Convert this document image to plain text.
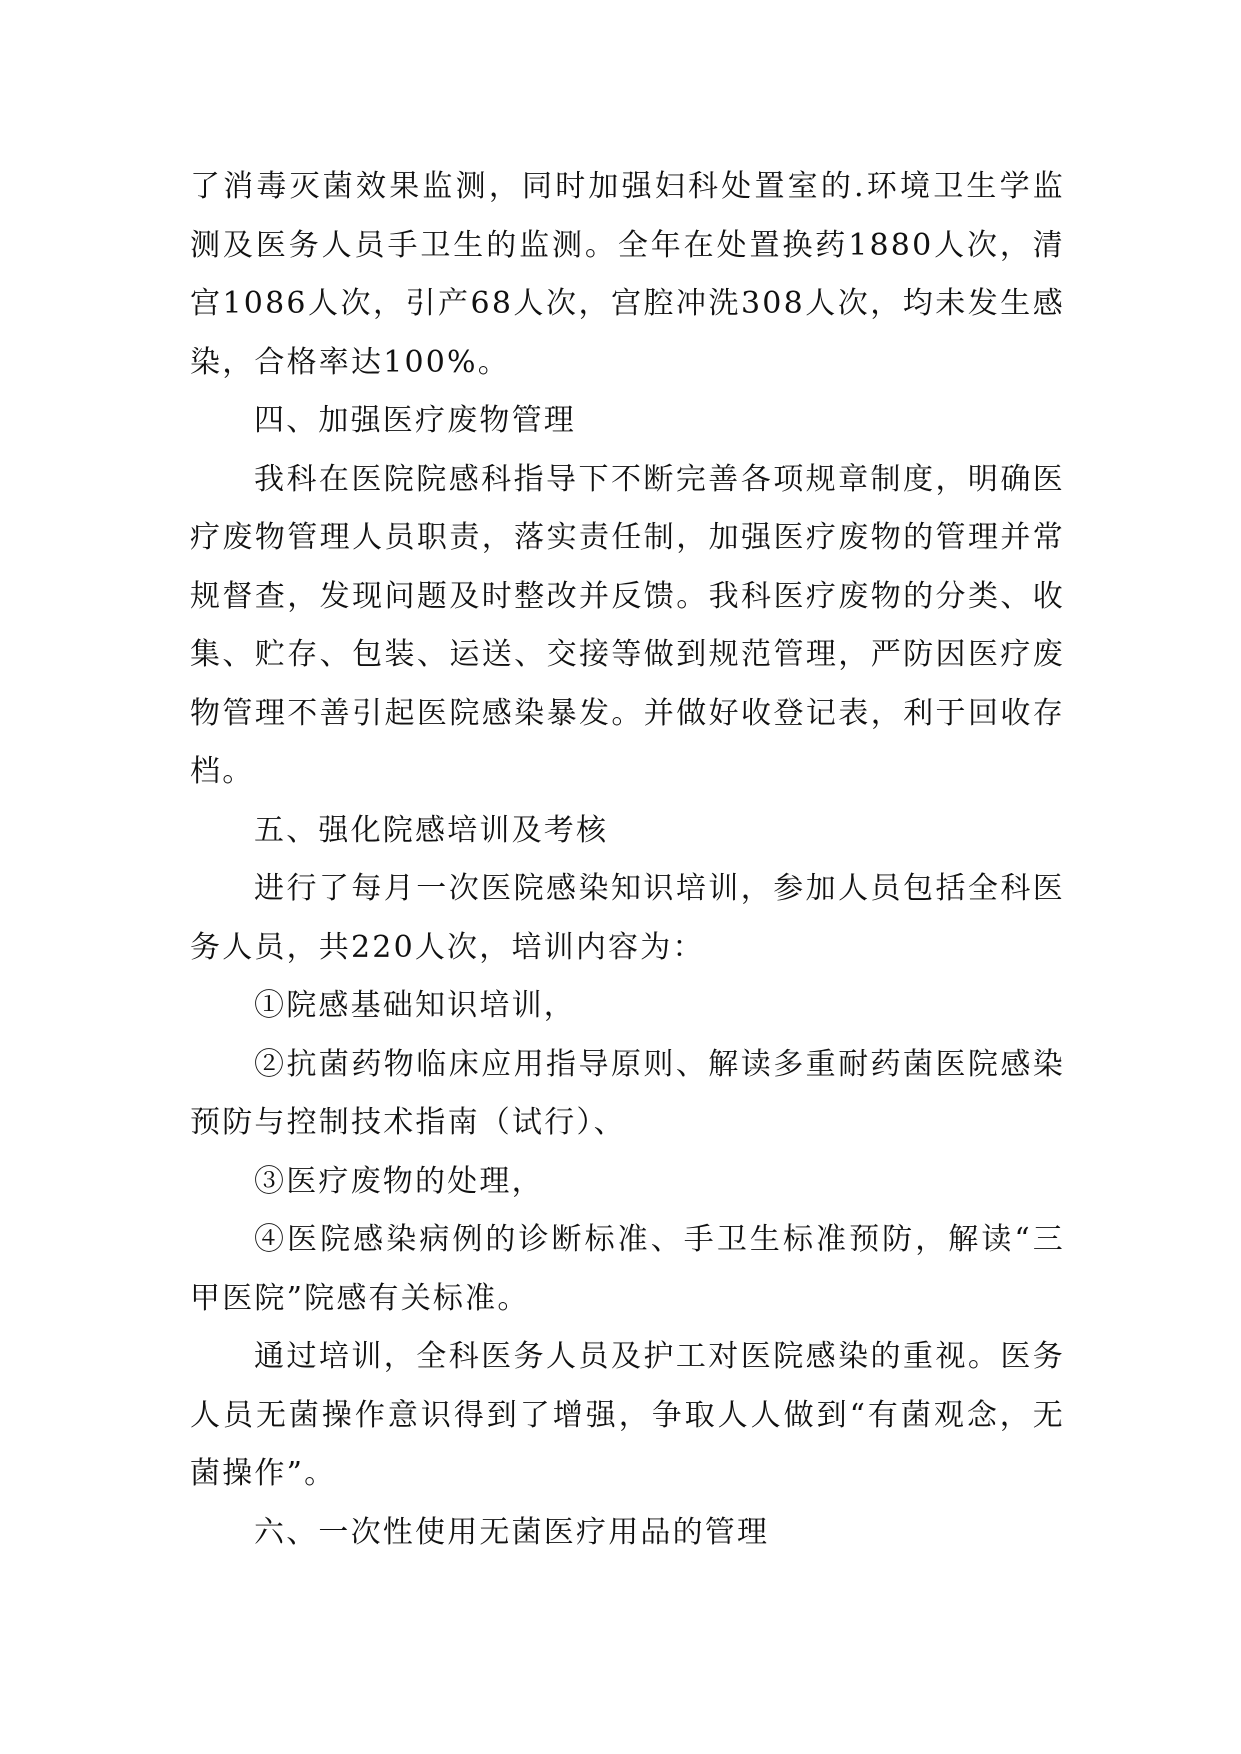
了消毒灭菌效果监测，同时加强妇科处置室的.环境卫生学监测及医务人员手卫生的监测。全年在处置换药1880人次，清宫1086人次，引产68人次，宫腔冲洗308人次，均未发生感染，合格率达100%。

四、加强医疗废物管理

我科在医院院感科指导下不断完善各项规章制度，明确医疗废物管理人员职责，落实责任制，加强医疗废物的管理并常规督查，发现问题及时整改并反馈。我科医疗废物的分类、收集、贮存、包装、运送、交接等做到规范管理，严防因医疗废物管理不善引起医院感染暴发。并做好收登记表，利于回收存档。

五、强化院感培训及考核

进行了每月一次医院感染知识培训，参加人员包括全科医务人员，共220人次，培训内容为：

①院感基础知识培训，

②抗菌药物临床应用指导原则、解读多重耐药菌医院感染预防与控制技术指南（试行）、

③医疗废物的处理，

④医院感染病例的诊断标准、手卫生标准预防，解读“三甲医院”院感有关标准。

通过培训，全科医务人员及护工对医院感染的重视。医务人员无菌操作意识得到了增强，争取人人做到“有菌观念，无菌操作”。

六、一次性使用无菌医疗用品的管理
